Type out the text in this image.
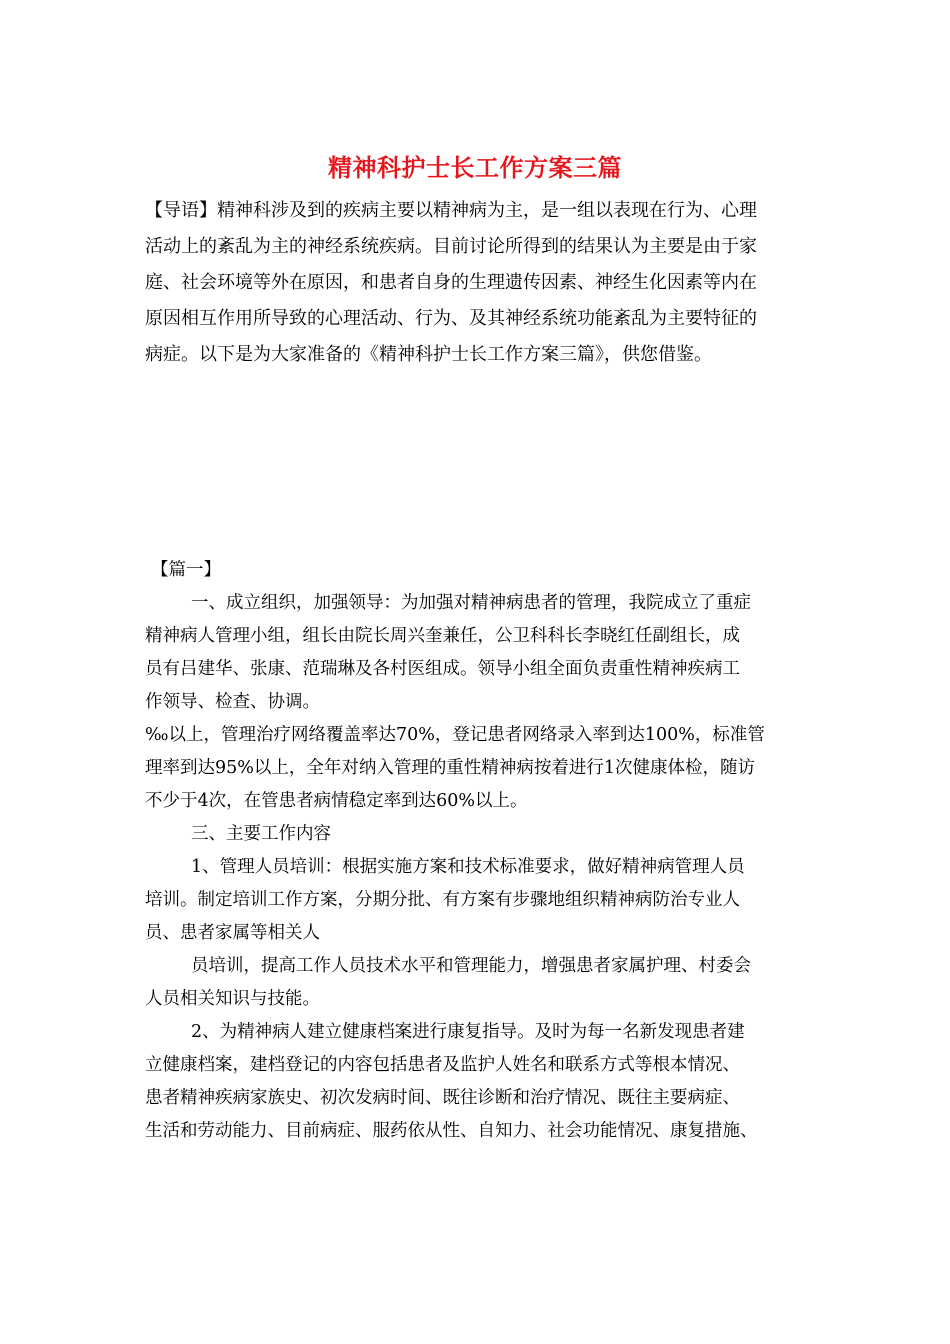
精神科护士长工作方案三篇

【导语】精神科涉及到的疾病主要以精神病为主，是一组以表现在行为、心理

活动上的紊乱为主的神经系统疾病。目前讨论所得到的结果认为主要是由于家

庭、社会环境等外在原因，和患者自身的生理遗传因素、神经生化因素等内在

原因相互作用所导致的心理活动、行为、及其神经系统功能紊乱为主要特征的

病症。以下是为大家准备的《精神科护士长工作方案三篇》，供您借鉴。

【篇一】

一、成立组织，加强领导：为加强对精神病患者的管理，我院成立了重症

精神病人管理小组，组长由院长周兴奎兼任，公卫科科长李晓红任副组长，成

员有吕建华、张康、范瑞琳及各村医组成。领导小组全面负责重性精神疾病工

作领导、检查、协调。

‰以上，管理治疗网络覆盖率达70%，登记患者网络录入率到达100%，标准管

理率到达95%以上，全年对纳入管理的重性精神病按着进行1次健康体检，随访

不少于4次，在管患者病情稳定率到达60%以上。

三、主要工作内容

1、管理人员培训：根据实施方案和技术标准要求，做好精神病管理人员

培训。制定培训工作方案，分期分批、有方案有步骤地组织精神病防治专业人

员、患者家属等相关人

员培训，提高工作人员技术水平和管理能力，增强患者家属护理、村委会

人员相关知识与技能。

2、为精神病人建立健康档案进行康复指导。及时为每一名新发现患者建

立健康档案，建档登记的内容包括患者及监护人姓名和联系方式等根本情况、

患者精神疾病家族史、初次发病时间、既往诊断和治疗情况、既往主要病症、

生活和劳动能力、目前病症、服药依从性、自知力、社会功能情况、康复措施、
